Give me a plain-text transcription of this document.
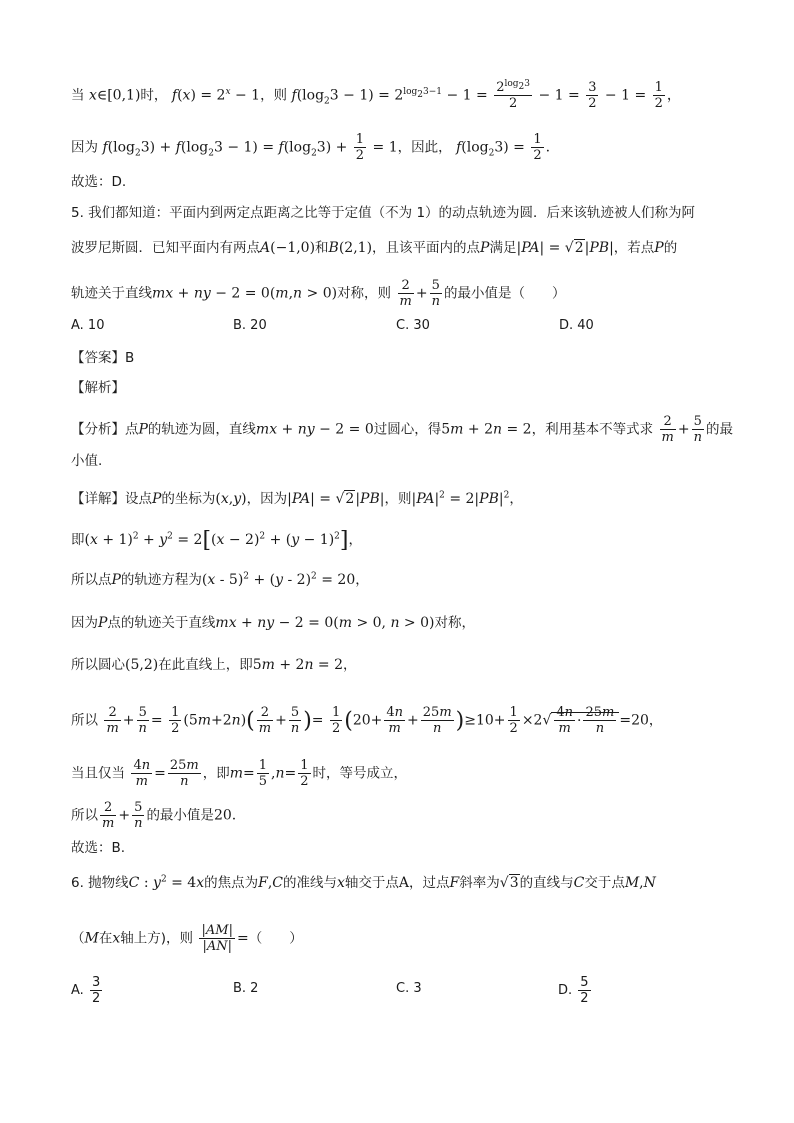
当 x∈[0,1)时， $f(x) = 2^x - 1$，则 $f(\log_23 - 1) = 2^{log_23-1} - 1 = \frac{2^{log_23}}{2} - 1 = \frac{3}{2} - 1 = \frac{1}{2}$ ，
因为 $f(\log_23) + f(\log_23 - 1) = f(\log_23) + \frac{1}{2} = 1$，因此， $f(\log_23) = \frac{1}{2}$ .
故选：D.
5. 我们都知道：平面内到两定点距离之比等于定值（不为 1）的动点轨迹为圆．后来该轨迹被人们称为阿
波罗尼斯圆．已知平面内有两点A(−1,0)和B(2,1)，且该平面内的点P满足|PA| = √2|PB|，若点P的
轨迹关于直线mx + ny − 2 = 0(m,n > 0)对称，则 $\frac{2}{m} + \frac{5}{n}$ 的最小值是（　　）
A. 10	B. 20	C. 30	D. 40
【答案】B
【解析】
【分析】点P的轨迹为圆，直线mx + ny − 2 = 0过圆心，得5m + 2n = 2，利用基本不等式求 $\frac{2}{m} + \frac{5}{n}$ 的最
小值.
【详解】设点P的坐标为(x,y)，因为|PA| = √2|PB|，则$|PA|^2 = 2|PB|^2$，
即$(x + 1)^2 + y^2 = 2[(x - 2)^2 + (y - 1)^2]$，
所以点P的轨迹方程为(x - 5)$^2$ + (y - 2)$^2$ = 20，
因为P点的轨迹关于直线mx + ny − 2 = 0(m > 0, n > 0)对称，
所以圆心(5,2)在此直线上，即5m + 2n = 2，
所以 $\frac{2}{m} + \frac{5}{n} = \frac{1}{2} (5m+2n)( \frac{2}{m} + \frac{5}{n}$ )= $\frac{1}{2} (20+ \frac{4n}{m} + \frac{25m}{n} )\ge 10+ \frac{1}{2} \times 2√ \frac{4n}{m} \cdot \frac{25m}{n} =20$，
当且仅当 $\frac{4n}{m} = \frac{25m}{n}$ ，即$m= \frac{1}{5} ,n= \frac{1}{2}$ 时，等号成立，
所以 $\frac{2}{m} + \frac{5}{n}$ 的最小值是20.
故选：B.
6. 抛物线C : $y^2 = 4x$的焦点为F,C的准线与x轴交于点A，过点F斜率为√3的直线与C交于点M,N
（M在x轴上方)，则 $\frac{|AM|}{|AN|}$ =（　　）
A. $\frac{3}{2}$	B. 2	C. 3	D. $\frac{5}{2}$
